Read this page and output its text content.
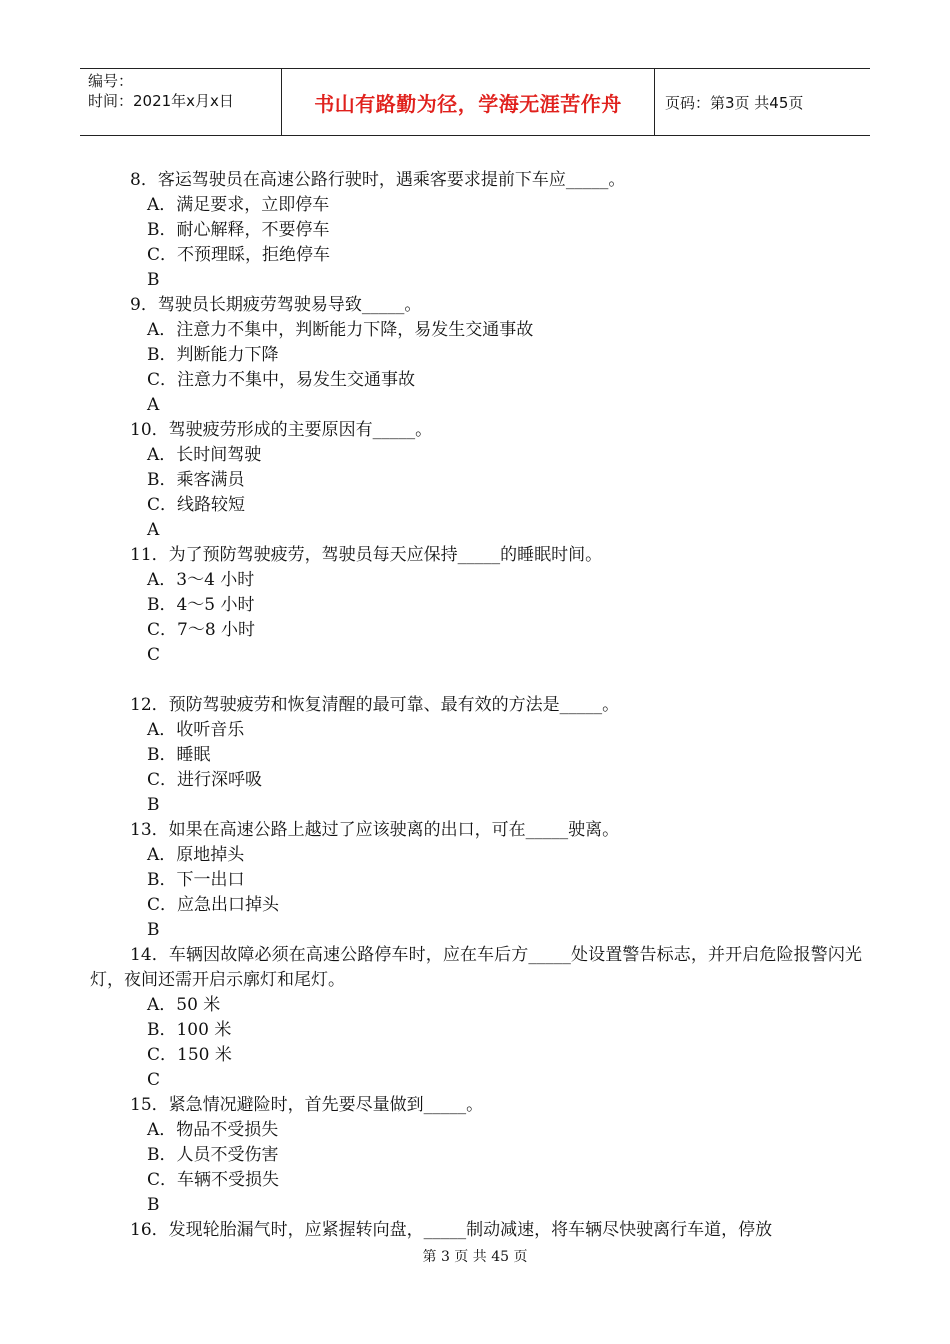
编号：
时间：2021年x月x日	书山有路勤为径，学海无涯苦作舟	页码：第3页 共45页
8．客运驾驶员在高速公路行驶时，遇乘客要求提前下车应_____。
A．满足要求，立即停车
B．耐心解释，不要停车
C．不预理睬，拒绝停车
B
9．驾驶员长期疲劳驾驶易导致_____。
A．注意力不集中，判断能力下降，易发生交通事故
B．判断能力下降
C．注意力不集中，易发生交通事故
A
10．驾驶疲劳形成的主要原因有_____。
A．长时间驾驶
B．乘客满员
C．线路较短
A
11．为了预防驾驶疲劳，驾驶员每天应保持_____的睡眠时间。
A．3～4 小时
B．4～5 小时
C．7～8 小时
C
12．预防驾驶疲劳和恢复清醒的最可靠、最有效的方法是_____。
A．收听音乐
B．睡眠
C．进行深呼吸
B
13．如果在高速公路上越过了应该驶离的出口，可在_____驶离。
A．原地掉头
B．下一出口
C．应急出口掉头
B
14．车辆因故障必须在高速公路停车时，应在车后方_____处设置警告标志，并开启危险报警闪光灯，夜间还需开启示廓灯和尾灯。
A．50 米
B．100 米
C．150 米
C
15．紧急情况避险时，首先要尽量做到_____。
A．物品不受损失
B．人员不受伤害
C．车辆不受损失
B
16．发现轮胎漏气时，应紧握转向盘，_____制动减速，将车辆尽快驶离行车道，停放
第 3 页 共 45 页
